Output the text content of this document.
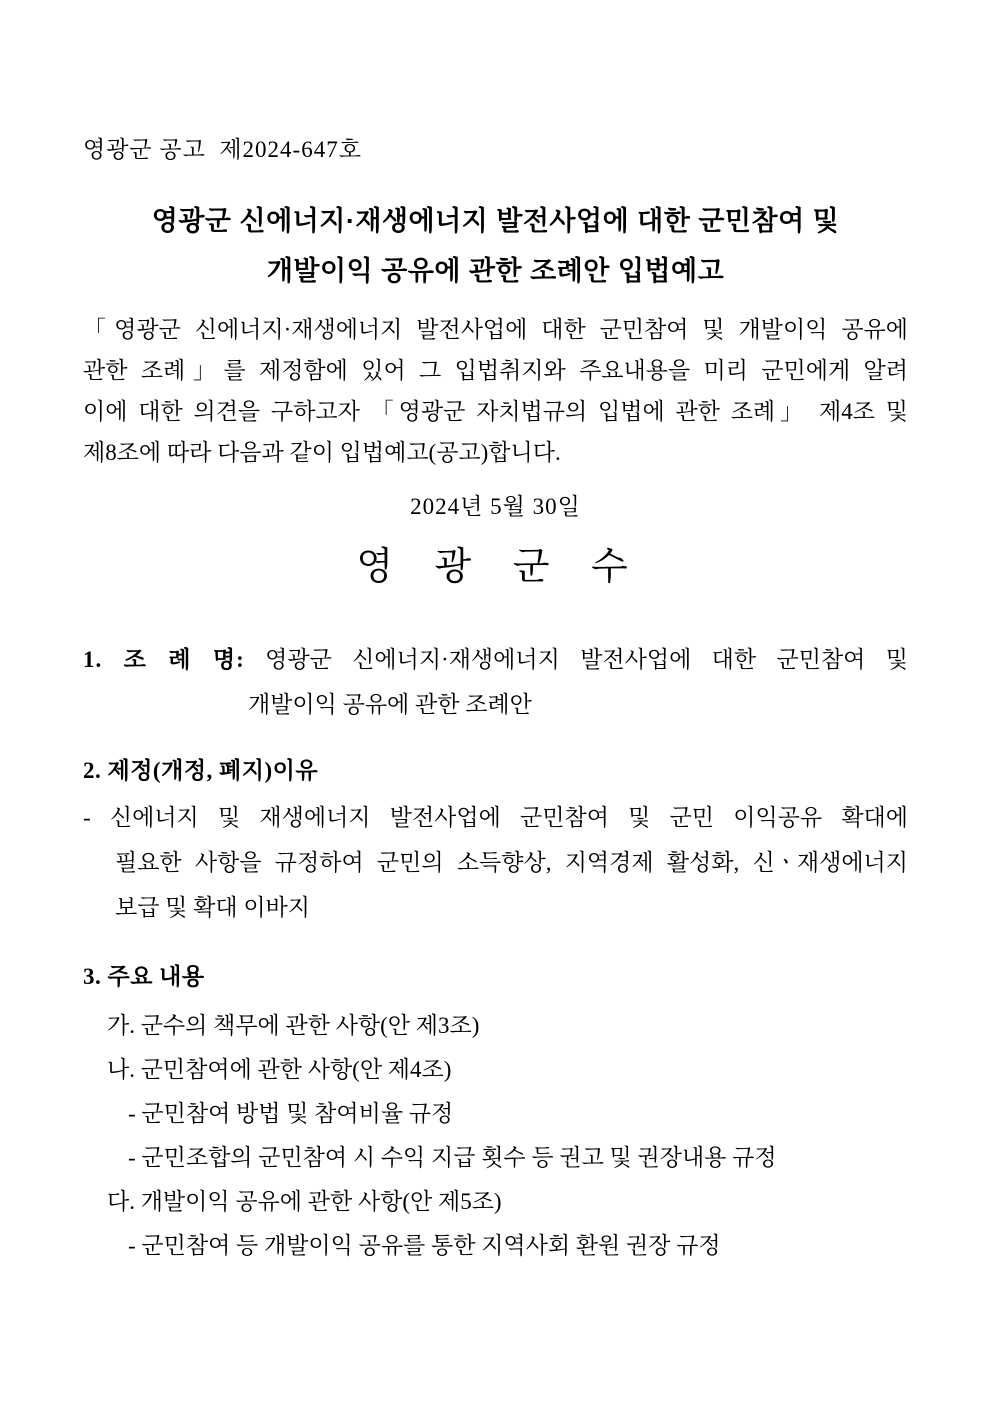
영광군 공고  제2024-647호
영광군 신에너지·재생에너지 발전사업에 대한 군민참여 및
개발이익 공유에 관한 조례안 입법예고
「영광군 신에너지·재생에너지 발전사업에 대한 군민참여 및 개발이익 공유에
관한 조례」를 제정함에 있어 그 입법취지와 주요내용을 미리 군민에게 알려
이에 대한 의견을 구하고자 「영광군 자치법규의 입법에 관한 조례」 제4조 및
제8조에 따라 다음과 같이 입법예고(공고)합니다.
2024년 5월 30일
영 광 군 수
1. 조 례 명: 영광군 신에너지·재생에너지 발전사업에 대한 군민참여 및
개발이익 공유에 관한 조례안
2. 제정(개정, 폐지)이유
- 신에너지 및 재생에너지 발전사업에 군민참여 및 군민 이익공유 확대에
필요한 사항을 규정하여 군민의 소득향상, 지역경제 활성화, 신ㆍ재생에너지
보급 및 확대 이바지
3. 주요 내용
가. 군수의 책무에 관한 사항(안 제3조)
나. 군민참여에 관한 사항(안 제4조)
- 군민참여 방법 및 참여비율 규정
- 군민조합의 군민참여 시 수익 지급 횟수 등 권고 및 권장내용 규정
다. 개발이익 공유에 관한 사항(안 제5조)
- 군민참여 등 개발이익 공유를 통한 지역사회 환원 권장 규정
